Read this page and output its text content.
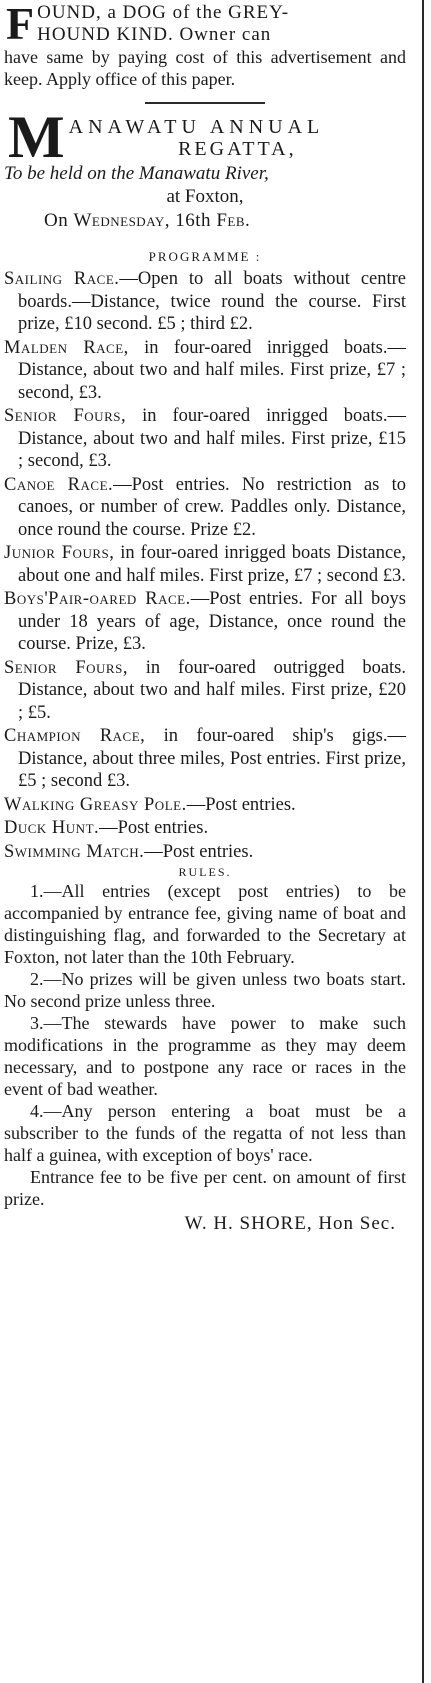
F OUND, a DOG of the GREY-
HOUND KIND. Owner can
have same by paying cost of this advertisement and keep. Apply office of this paper.
M ANAWATU ANNUAL
REGATTA,
To be held on the Manawatu River,
at Foxton,
On Wednesday, 16th Feb.
PROGRAMME :
Sailing Race.—Open to all boats without centre boards.—Distance, twice round the course. First prize, £10 second. £5 ; third £2.
Malden Race, in four-oared inrigged boats.—Distance, about two and half miles. First prize, £7 ; second, £3.
Senior Fours, in four-oared inrigged boats.—Distance, about two and half miles. First prize, £15 ; second, £3.
Canoe Race.—Post entries. No restriction as to canoes, or number of crew. Paddles only. Distance, once round the course. Prize £2.
Junior Fours, in four-oared inrigged boats Distance, about one and half miles. First prize, £7 ; second £3.
Boys'Pair-oared Race.—Post entries. For all boys under 18 years of age, Distance, once round the course. Prize, £3.
Senior Fours, in four-oared outrigged boats. Distance, about two and half miles. First prize, £20 ; £5.
Champion Race, in four-oared ship's gigs.—Distance, about three miles, Post entries. First prize, £5 ; second £3.
Walking Greasy Pole.—Post entries.
Duck Hunt.—Post entries.
Swimming Match.—Post entries.
RULES.
1.—All entries (except post entries) to be accompanied by entrance fee, giving name of boat and distinguishing flag, and forwarded to the Secretary at Foxton, not later than the 10th February.
2.—No prizes will be given unless two boats start. No second prize unless three.
3.—The stewards have power to make such modifications in the programme as they may deem necessary, and to postpone any race or races in the event of bad weather.
4.—Any person entering a boat must be a subscriber to the funds of the regatta of not less than half a guinea, with exception of boys' race.
Entrance fee to be five per cent. on amount of first prize.
W. H. SHORE, Hon Sec.
